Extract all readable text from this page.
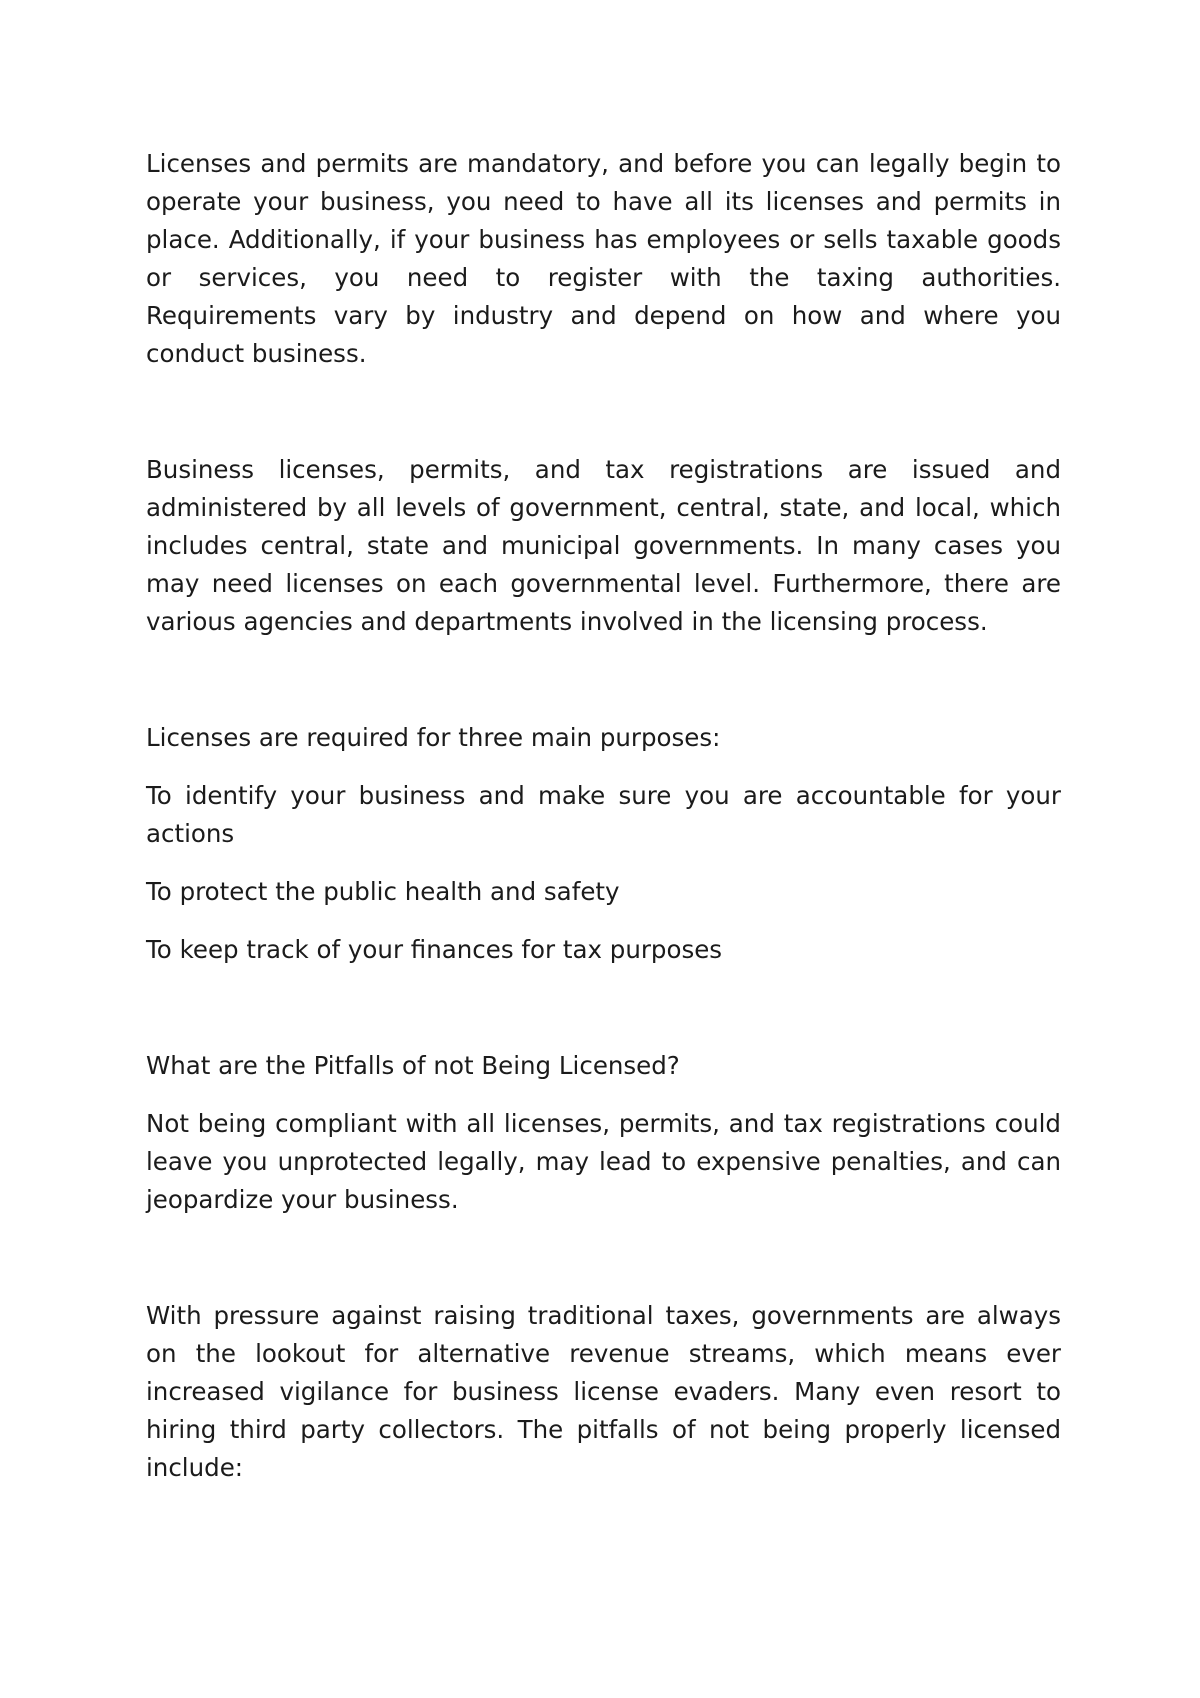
Licenses and permits are mandatory, and before you can legally begin to operate your business, you need to have all its licenses and permits in place. Additionally, if your business has employees or sells taxable goods or services, you need to register with the taxing authorities. Requirements vary by industry and depend on how and where you conduct business.

Business licenses, permits, and tax registrations are issued and administered by all levels of government, central, state, and local, which includes central, state and municipal governments. In many cases you may need licenses on each governmental level. Furthermore, there are various agencies and departments involved in the licensing process.

Licenses are required for three main purposes:

To identify your business and make sure you are accountable for your actions

To protect the public health and safety

To keep track of your finances for tax purposes

What are the Pitfalls of not Being Licensed?

Not being compliant with all licenses, permits, and tax registrations could leave you unprotected legally, may lead to expensive penalties, and can jeopardize your business.

With pressure against raising traditional taxes, governments are always on the lookout for alternative revenue streams, which means ever increased vigilance for business license evaders. Many even resort to hiring third party collectors. The pitfalls of not being properly licensed include:
